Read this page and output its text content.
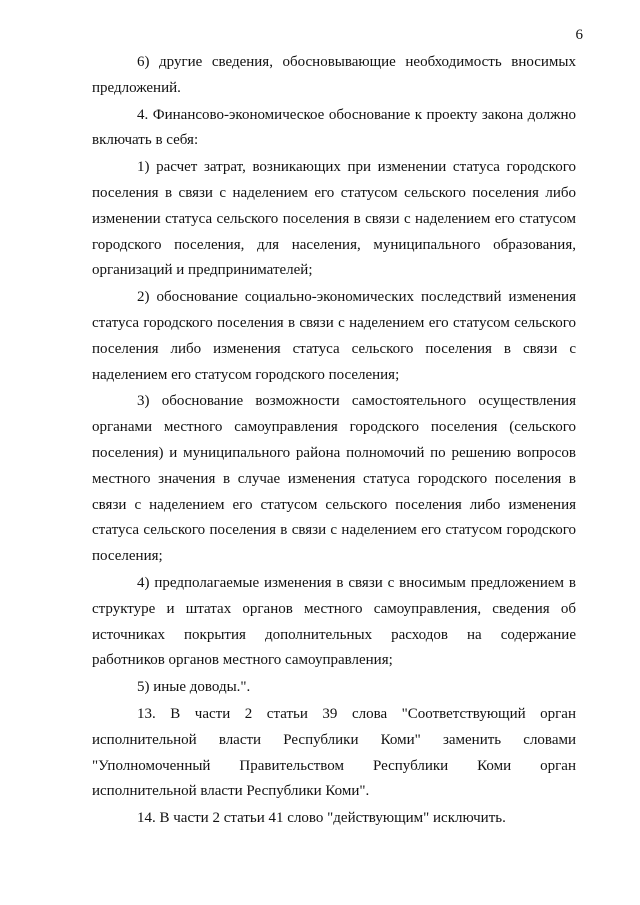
6

6) другие сведения, обосновывающие необходимость вносимых предложений.

4. Финансово-экономическое обоснование к проекту закона должно включать в себя:

1) расчет затрат, возникающих при изменении статуса городского поселения в связи с наделением его статусом сельского поселения либо изменении статуса сельского поселения в связи с наделением его статусом городского поселения, для населения, муниципального образования, организаций и предпринимателей;

2) обоснование социально-экономических последствий изменения статуса городского поселения в связи с наделением его статусом сельского поселения либо изменения статуса сельского поселения в связи с наделением его статусом городского поселения;

3) обоснование возможности самостоятельного осуществления органами местного самоуправления городского поселения (сельского поселения) и муниципального района полномочий по решению вопросов местного значения в случае изменения статуса городского поселения в связи с наделением его статусом сельского поселения либо изменения статуса сельского поселения в связи с наделением его статусом городского поселения;

4) предполагаемые изменения в связи с вносимым предложением в структуре и штатах органов местного самоуправления, сведения об источниках покрытия дополнительных расходов на содержание работников органов местного самоуправления;

5) иные доводы.".

13. В части 2 статьи 39 слова "Соответствующий орган исполнительной власти Республики Коми" заменить словами "Уполномоченный Правительством Республики Коми орган исполнительной власти Республики Коми".

14. В части 2 статьи 41 слово "действующим" исключить.
